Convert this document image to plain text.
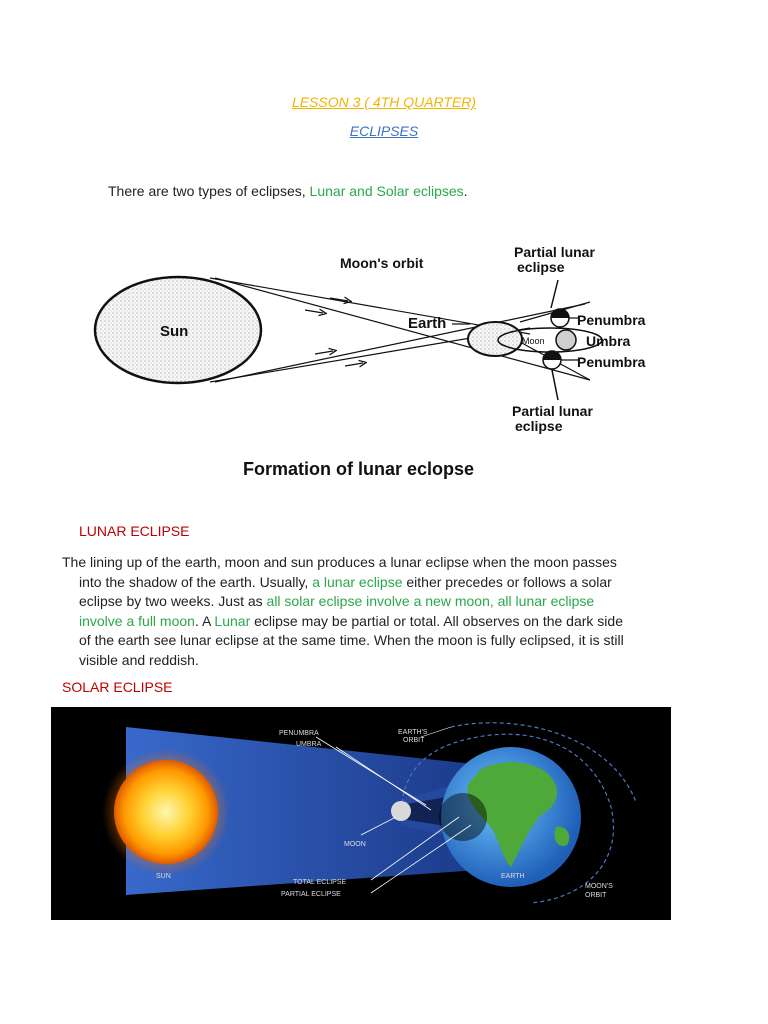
LESSON 3 ( 4TH QUARTER)
ECLIPSES
There are two types of eclipses, Lunar and Solar eclipses.
Sun	Earth
Moon
Moon's orbit
Partial lunar
eclipse
Penumbra
Umbra
Penumbra
Partial lunar
eclipse
Formation of lunar eclopse
LUNAR ECLIPSE
The lining up of the earth, moon and sun produces a lunar eclipse when the moon passes
into the shadow of the earth. Usually, a lunar eclipse either precedes or follows a solar
eclipse by two weeks. Just as all solar eclipse involve a new moon, all lunar eclipse
involve a full moon. A Lunar eclipse may be partial or total. All observes on the dark side
of the earth see lunar eclipse at the same time. When the moon is fully eclipsed, it is still
visible and reddish.
SOLAR ECLIPSE
PENUMBRA
UMBRA
EARTH'S
ORBIT
MOON
SUN
TOTAL ECLIPSE
PARTIAL ECLIPSE
EARTH
MOON'S
ORBIT
